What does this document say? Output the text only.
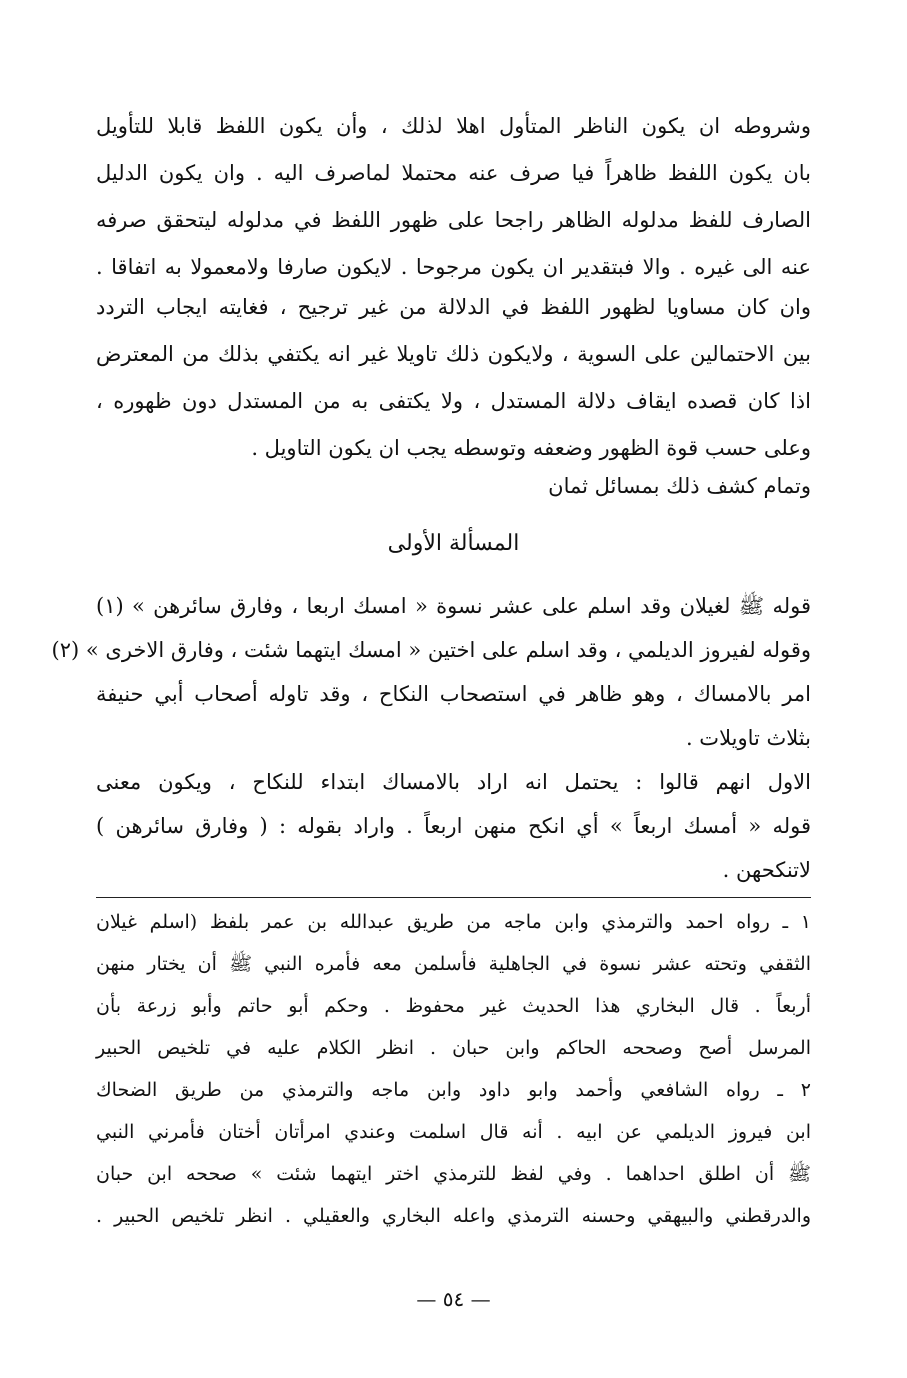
وشروطه ان يكون الناظر المتأول اهلا لذلك ، وأن يكون اللفظ قابلا للتأويل
بان يكون اللفظ ظاهراً فيا صرف عنه محتملا لماصرف اليه . وان يكون الدليل
الصارف للفظ مدلوله الظاهر راجحا على ظهور اللفظ في مدلوله ليتحقق صرفه
عنه الى غيره . والا فبتقدير ان يكون مرجوحا . لايكون صارفا ولامعمولا به اتفاقا .
وان كان مساويا لظهور اللفظ في الدلالة من غير ترجيح ، فغايته ايجاب التردد
بين الاحتمالين على السوية ، ولايكون ذلك تاويلا غير انه يكتفي بذلك من المعترض
اذا كان قصده ايقاف دلالة المستدل ، ولا يكتفى به من المستدل دون ظهوره ،
وعلى حسب قوة الظهور وضعفه وتوسطه يجب ان يكون التاويل .
وتمام كشف ذلك بمسائل ثمان
المسألة الأولى
قوله ﷺ لغيلان وقد اسلم على عشر نسوة « امسك اربعا ، وفارق سائرهن » (١)
وقوله لفيروز الديلمي ، وقد اسلم على اختين « امسك ايتهما شئت ، وفارق الاخرى » (٢)
امر بالامساك ، وهو ظاهر في استصحاب النكاح ، وقد تاوله أصحاب أبي حنيفة
بثلاث تاويلات .
الاول انهم قالوا : يحتمل انه اراد بالامساك ابتداء للنكاح ، ويكون معنى
قوله « أمسك اربعاً » أي انكح منهن اربعاً . واراد بقوله : ( وفارق سائرهن )
لاتنكحهن .
١ ـ رواه احمد والترمذي وابن ماجه من طريق عبدالله بن عمر بلفظ (اسلم غيلان
الثقفي وتحته عشر نسوة في الجاهلية فأسلمن معه فأمره النبي ﷺ أن يختار منهن
أربعاً . قال البخاري هذا الحديث غير محفوظ . وحكم أبو حاتم وأبو زرعة بأن
المرسل أصح وصححه الحاكم وابن حبان . انظر الكلام عليه في تلخيص الحبير
٢ ـ رواه الشافعي وأحمد وابو داود وابن ماجه والترمذي من طريق الضحاك
ابن فيروز الديلمي عن ابيه . أنه قال اسلمت وعندي امرأتان أختان فأمرني النبي
ﷺ أن اطلق احداهما . وفي لفظ للترمذي اختر ايتهما شئت » صححه ابن حبان
والدرقطني والبيهقي وحسنه الترمذي واعله البخاري والعقيلي . انظر تلخيص الحبير .
— ٥٤ —
